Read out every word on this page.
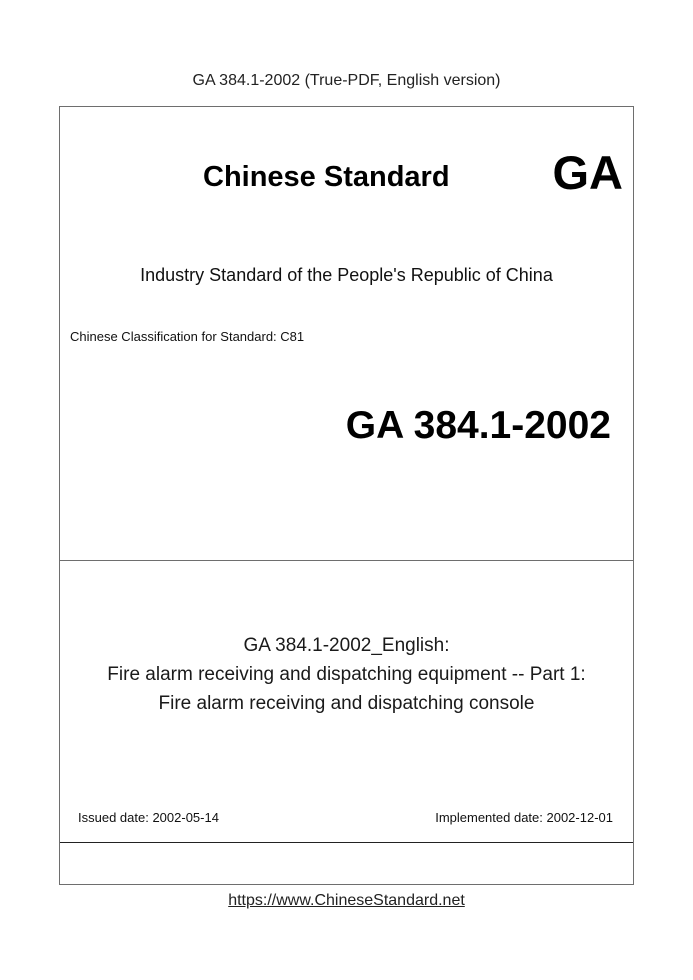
GA 384.1-2002 (True-PDF, English version)
Chinese Standard GA
Industry Standard of the People's Republic of China
Chinese Classification for Standard: C81
GA 384.1-2002
GA 384.1-2002_English:
Fire alarm receiving and dispatching equipment -- Part 1:
Fire alarm receiving and dispatching console
Issued date: 2002-05-14	Implemented date: 2002-12-01
https://www.ChineseStandard.net
